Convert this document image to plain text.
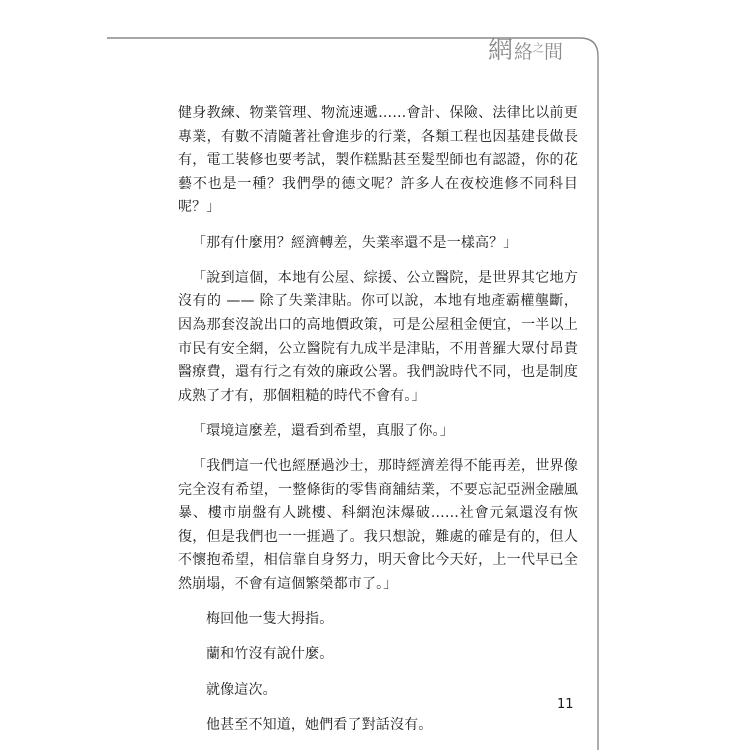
網絡$^之$間

健身教練、物業管理、物流速遞……會計、保險、法律比以前更專業，有數不清隨著社會進步的行業，各類工程也因基建長做長有，電工裝修也要考試，製作糕點甚至髮型師也有認證，你的花藝不也是一種？我們學的德文呢？許多人在夜校進修不同科目呢？」

「那有什麼用？經濟轉差，失業率還不是一樣高？」

「說到這個，本地有公屋、綜援、公立醫院，是世界其它地方沒有的 —— 除了失業津貼。你可以說，本地有地產霸權壟斷，因為那套沒說出口的高地價政策，可是公屋租金便宜，一半以上市民有安全網，公立醫院有九成半是津貼，不用普羅大眾付昂貴醫療費，還有行之有效的廉政公署。我們說時代不同，也是制度成熟了才有，那個粗糙的時代不會有。」

「環境這麼差，還看到希望，真服了你。」

「我們這一代也經歷過沙士，那時經濟差得不能再差，世界像完全沒有希望，一整條街的零售商舖結業，不要忘記亞洲金融風暴、樓市崩盤有人跳樓、科網泡沫爆破……社會元氣還沒有恢復，但是我們也一一捱過了。我只想說，難處的確是有的，但人不懷抱希望，相信靠自身努力，明天會比今天好，上一代早已全然崩塌，不會有這個繁榮都市了。」

梅回他一隻大拇指。

蘭和竹沒有說什麼。

就像這次。

他甚至不知道，她們看了對話沒有。

11
